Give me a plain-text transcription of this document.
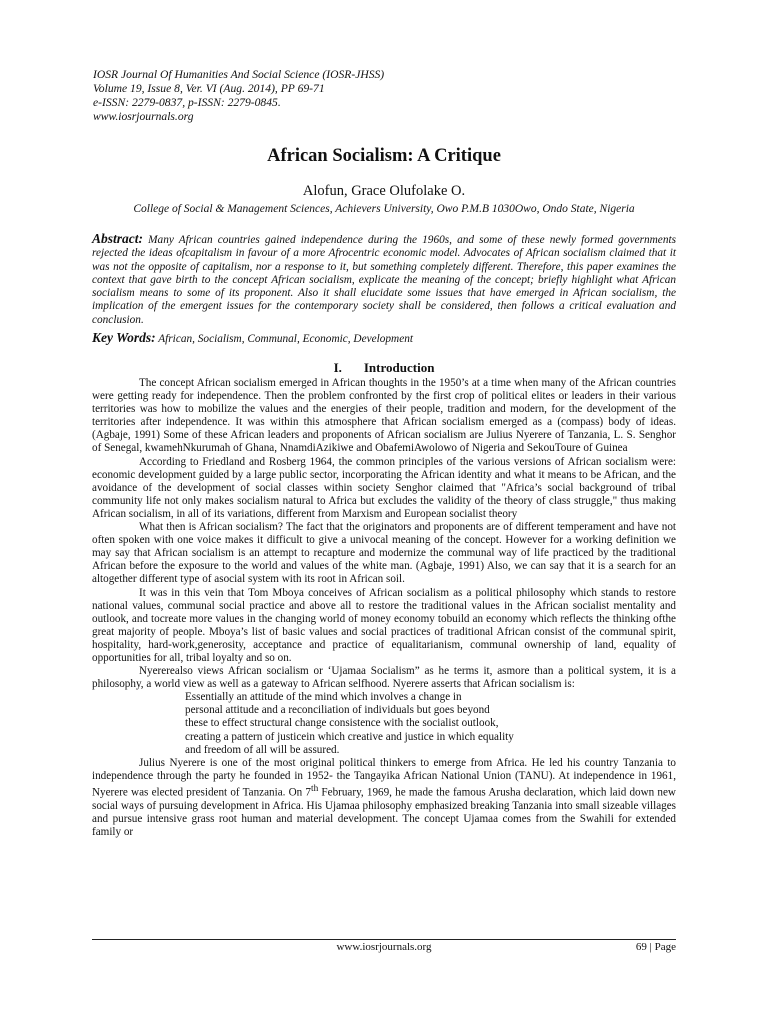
IOSR Journal Of Humanities And Social Science (IOSR-JHSS)
Volume 19, Issue 8, Ver. VI (Aug. 2014), PP 69-71
e-ISSN: 2279-0837, p-ISSN: 2279-0845.
www.iosrjournals.org
African Socialism: A Critique
Alofun, Grace Olufolake O.
College of Social & Management Sciences, Achievers University, Owo P.M.B 1030Owo, Ondo State, Nigeria
Abstract: Many African countries gained independence during the 1960s, and some of these newly formed governments rejected the ideas ofcapitalism in favour of a more Afrocentric economic model. Advocates of African socialism claimed that it was not the opposite of capitalism, nor a response to it, but something completely different. Therefore, this paper examines the context that gave birth to the concept African socialism, explicate the meaning of the concept; briefly highlight what African socialism means to some of its proponent. Also it shall elucidate some issues that have emerged in African socialism, the implication of the emergent issues for the contemporary society shall be considered, then follows a critical evaluation and conclusion.
Key Words: African, Socialism, Communal, Economic, Development
I. Introduction

The concept African socialism emerged in African thoughts in the 1950’s at a time when many of the African countries were getting ready for independence. Then the problem confronted by the first crop of political elites or leaders in their various territories was how to mobilize the values and the energies of their people, tradition and modern, for the development of the territories after independence. It was within this atmosphere that African socialism emerged as a (compass) body of ideas. (Agbaje, 1991) Some of these African leaders and proponents of African socialism are Julius Nyerere of Tanzania, L. S. Senghor of Senegal, kwamehNkurumah of Ghana, NnamdiAzikiwe and ObafemiAwolowo of Nigeria and SekouToure of Guinea

According to Friedland and Rosberg 1964, the common principles of the various versions of African socialism were: economic development guided by a large public sector, incorporating the African identity and what it means to be African, and the avoidance of the development of social classes within society Senghor claimed that "Africa’s social background of tribal community life not only makes socialism natural to Africa but excludes the validity of the theory of class struggle," thus making African socialism, in all of its variations, different from Marxism and European socialist theory

What then is African socialism? The fact that the originators and proponents are of different temperament and have not often spoken with one voice makes it difficult to give a univocal meaning of the concept. However for a working definition we may say that African socialism is an attempt to recapture and modernize the communal way of life practiced by the traditional African before the exposure to the world and values of the white man. (Agbaje, 1991) Also, we can say that it is a search for an altogether different type of asocial system with its root in African soil.

It was in this vein that Tom Mboya conceives of African socialism as a political philosophy which stands to restore national values, communal social practice and above all to restore the traditional values in the African socialist mentality and outlook, and tocreate more values in the changing world of money economy tobuild an economy which reflects the thinking ofthe great majority of people. Mboya’s list of basic values and social practices of traditional African consist of the communal spirit, hospitality, hard-work,generosity, acceptance and practice of equalitarianism, communal ownership of land, equality of opportunities for all, tribal loyalty and so on.

Nyererealso views African socialism or ‘Ujamaa Socialism” as he terms it, asmore than a political system, it is a philosophy, a world view as well as a gateway to African selfhood. Nyerere asserts that African socialism is:

Essentially an attitude of the mind which involves a change in
personal attitude and a reconciliation of individuals but goes beyond
these to effect structural change consistence with the socialist outlook,
creating a pattern of justicein which creative and justice in which equality
and freedom of all will be assured.

Julius Nyerere is one of the most original political thinkers to emerge from Africa. He led his country Tanzania to independence through the party he founded in 1952- the Tangayika African National Union (TANU). At independence in 1961, Nyerere was elected president of Tanzania. On 7th February, 1969, he made the famous Arusha declaration, which laid down new social ways of pursuing development in Africa. His Ujamaa philosophy emphasized breaking Tanzania into small sizeable villages and pursue intensive grass root human and material development. The concept Ujamaa comes from the Swahili for extended family or

www.iosrjournals.org	69 | Page
